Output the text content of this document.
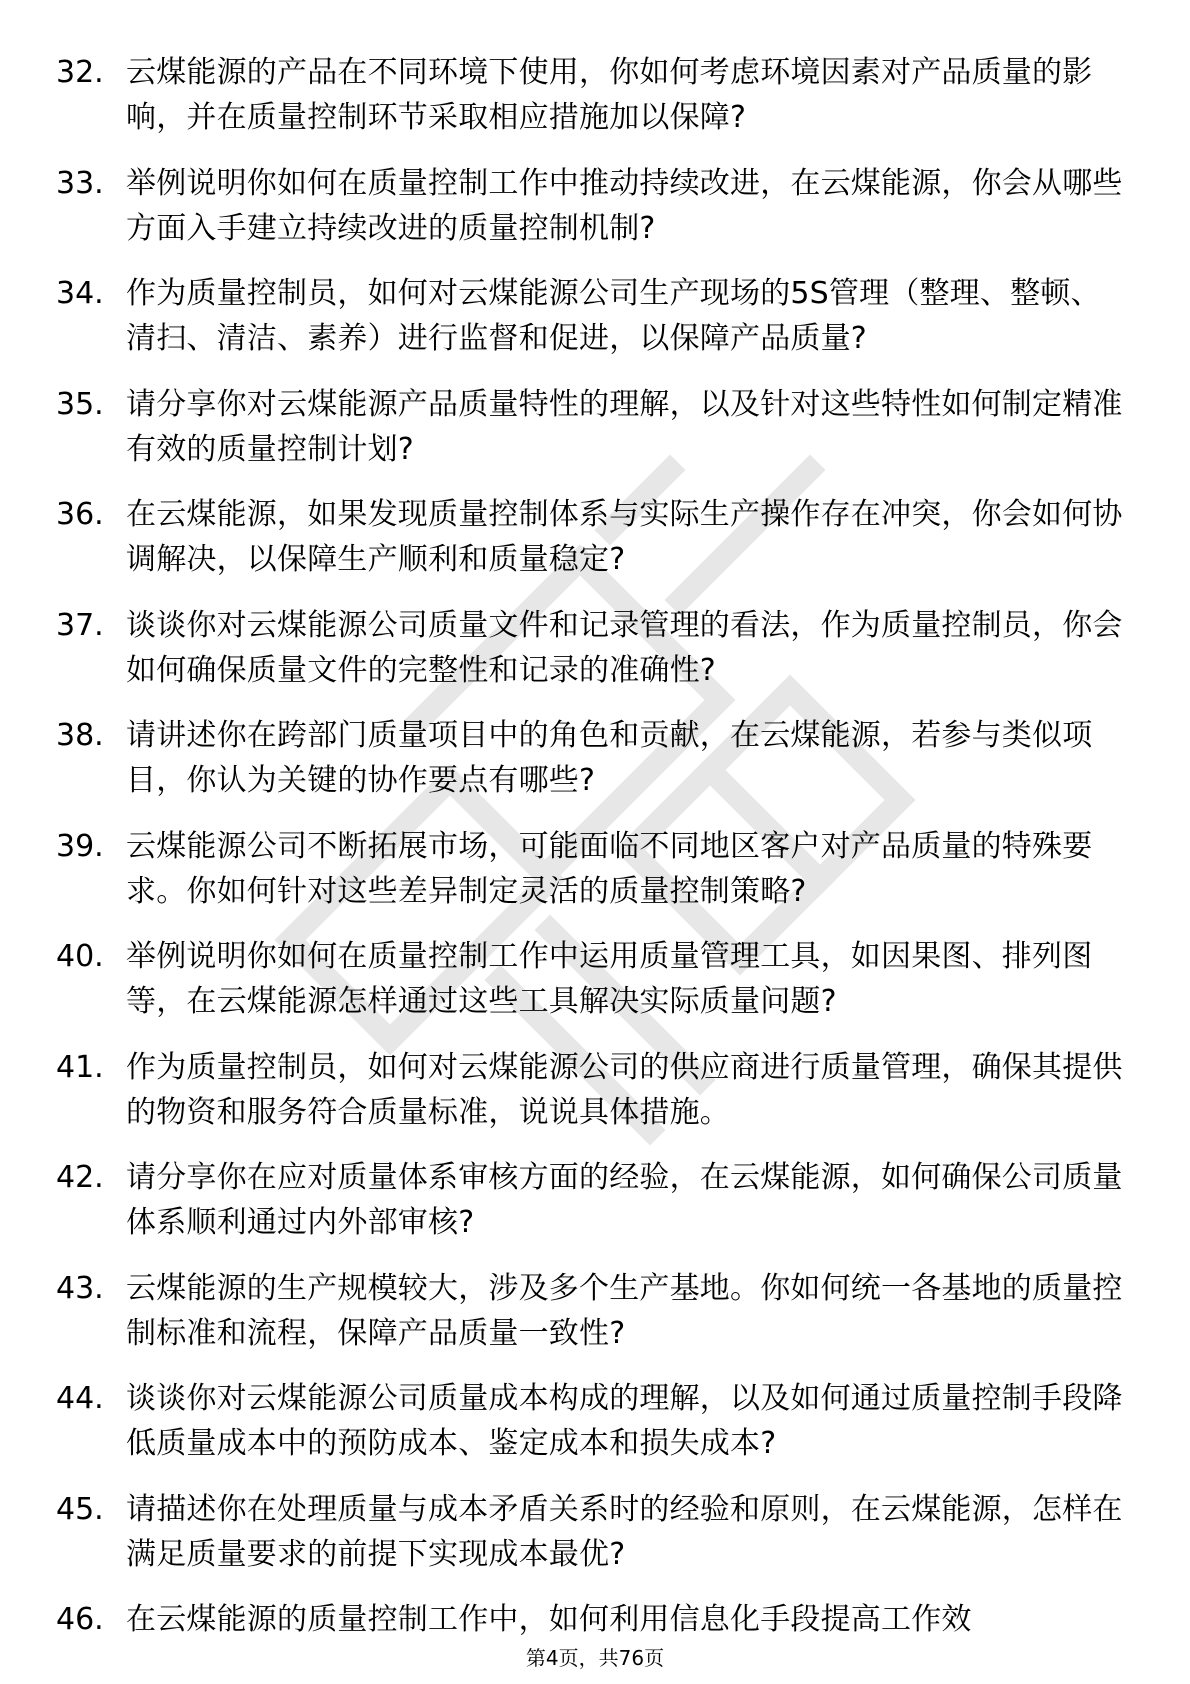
32. 云煤能源的产品在不同环境下使用，你如何考虑环境因素对产品质量的影响，并在质量控制环节采取相应措施加以保障?
33. 举例说明你如何在质量控制工作中推动持续改进，在云煤能源，你会从哪些方面入手建立持续改进的质量控制机制?
34. 作为质量控制员，如何对云煤能源公司生产现场的5S管理（整理、整顿、清扫、清洁、素养）进行监督和促进，以保障产品质量?
35. 请分享你对云煤能源产品质量特性的理解，以及针对这些特性如何制定精准有效的质量控制计划?
36. 在云煤能源，如果发现质量控制体系与实际生产操作存在冲突，你会如何协调解决，以保障生产顺利和质量稳定?
37. 谈谈你对云煤能源公司质量文件和记录管理的看法，作为质量控制员，你会如何确保质量文件的完整性和记录的准确性?
38. 请讲述你在跨部门质量项目中的角色和贡献，在云煤能源，若参与类似项目，你认为关键的协作要点有哪些?
39. 云煤能源公司不断拓展市场，可能面临不同地区客户对产品质量的特殊要求。你如何针对这些差异制定灵活的质量控制策略?
40. 举例说明你如何在质量控制工作中运用质量管理工具，如因果图、排列图等，在云煤能源怎样通过这些工具解决实际质量问题?
41. 作为质量控制员，如何对云煤能源公司的供应商进行质量管理，确保其提供的物资和服务符合质量标准，说说具体措施。
42. 请分享你在应对质量体系审核方面的经验，在云煤能源，如何确保公司质量体系顺利通过内外部审核?
43. 云煤能源的生产规模较大，涉及多个生产基地。你如何统一各基地的质量控制标准和流程，保障产品质量一致性?
44. 谈谈你对云煤能源公司质量成本构成的理解，以及如何通过质量控制手段降低质量成本中的预防成本、鉴定成本和损失成本?
45. 请描述你在处理质量与成本矛盾关系时的经验和原则，在云煤能源，怎样在满足质量要求的前提下实现成本最优?
46. 在云煤能源的质量控制工作中，如何利用信息化手段提高工作效
第4页，共76页
